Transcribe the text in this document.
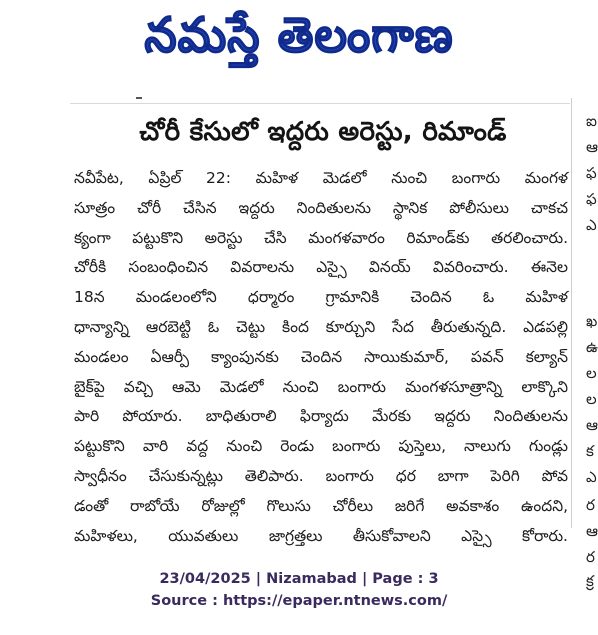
నమస్తే తెలంగాణ
చోరీ కేసులో ఇద్దరు అరెస్టు, రిమాండ్
నవీపేట, ఏప్రిల్ 22: మహిళ మెడలో నుంచి బంగారు మంగళ
సూత్రం చోరీ చేసిన ఇద్దరు నిందితులను స్థానిక పోలీసులు చాకచ
క్యంగా పట్టుకొని అరెస్టు చేసి మంగళవారం రిమాండ్‌కు తరలించారు.
చోరీకి సంబంధించిన వివరాలను ఎస్సై వినయ్ వివరించారు. ఈనెల
18న మండలంలోని ధర్మారం గ్రామానికి చెందిన ఓ మహిళ
ధాన్యాన్ని ఆరబెట్టి ఓ చెట్టు కింద కూర్చుని సేద తీరుతున్నది. ఎడపల్లి
మండలం ఏఆర్పీ క్యాంపునకు చెందిన సాయికుమార్, పవన్ కల్యాన్
బైక్‌పై వచ్చి ఆమె మెడలో నుంచి బంగారు మంగళసూత్రాన్ని లాక్కొని
పారి పోయారు. బాధితురాలి ఫిర్యాదు మేరకు ఇద్దరు నిందితులను
పట్టుకొని వారి వద్ద నుంచి రెండు బంగారు పుస్తెలు, నాలుగు గుండ్లు
స్వాధీనం చేసుకున్నట్లు తెలిపారు. బంగారు ధర బాగా పెరిగి పోవ
డంతో రాబోయే రోజుల్లో గొలుసు చోరీలు జరిగే అవకాశం ఉందని,
మహిళలు, యువతులు జాగ్రత్తలు తీసుకోవాలని ఎస్సై కోరారు.
ఐ
ఆ
ఫ
ఫ
ఎ
ఖ
ఉ
ల
ల
ఆ
క
ఎ
ర
ఆ
ర
క్ర
23/04/2025 | Nizamabad | Page : 3
Source : https://epaper.ntnews.com/
